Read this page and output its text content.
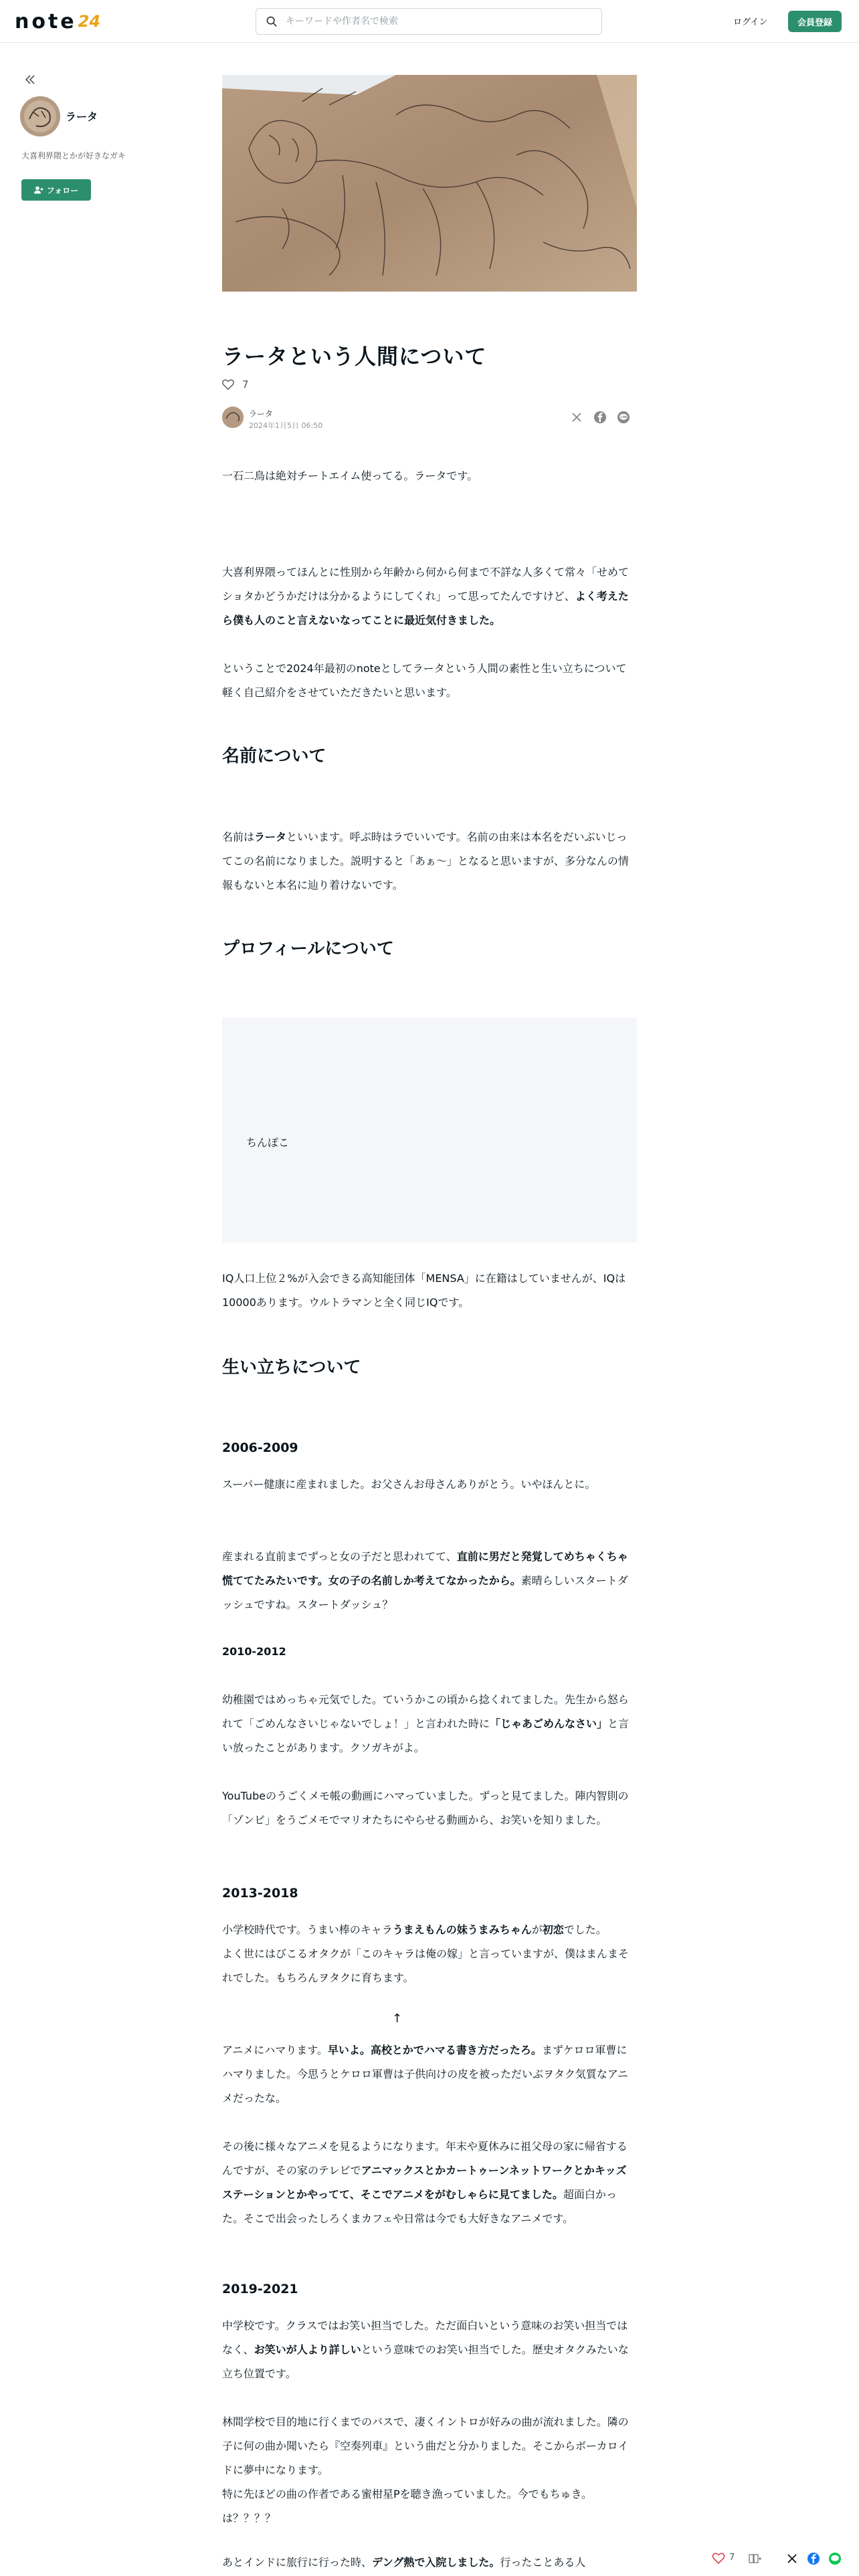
note 24
キーワードや作者名で検索	ログイン	会員登録
ラータ
大喜利界隈とかが好きなガキ
フォロー
ラータという人間について
7
ラータ
2024年1月5日 06:50

一石二鳥は絶対チートエイム使ってる。ラータです。

大喜利界隈ってほんとに性別から年齢から何から何まで不詳な人多くて常々「せめてショタかどうかだけは分かるようにしてくれ」って思ってたんですけど、よく考えたら僕も人のこと言えないなってことに最近気付きました。

ということで2024年最初のnoteとしてラータという人間の素性と生い立ちについて軽く自己紹介をさせていただきたいと思います。

名前について

名前はラータといいます。呼ぶ時はラでいいです。名前の由来は本名をだいぶいじってこの名前になりました。説明すると「あぁ〜」となると思いますが、多分なんの情報もないと本名に辿り着けないです。

プロフィールについて
ちんぽこ

IQ人口上位２%が入会できる高知能団体「MENSA」に在籍はしていませんが、IQは10000あります。ウルトラマンと全く同じIQです。

生い立ちについて
2006-2009

スーパー健康に産まれました。お父さんお母さんありがとう。いやほんとに。

産まれる直前までずっと女の子だと思われてて、直前に男だと発覚してめちゃくちゃ慌ててたみたいです。女の子の名前しか考えてなかったから。素晴らしいスタートダッシュですね。スタートダッシュ？

2010-2012

幼稚園ではめっちゃ元気でした。ていうかこの頃から捻くれてました。先生から怒られて「ごめんなさいじゃないでしょ！」と言われた時に「じゃあごめんなさい」と言い放ったことがあります。クソガキがよ。

YouTubeのうごくメモ帳の動画にハマっていました。ずっと見てました。陣内智則の「ゾンビ」をうごメモでマリオたちにやらせる動画から、お笑いを知りました。

2013-2018

小学校時代です。うまい棒のキャラうまえもんの妹うまみちゃんが初恋でした。
よく世にはびこるオタクが「このキャラは俺の嫁」と言っていますが、僕はまんまそれでした。もちろんヲタクに育ちます。

↑

アニメにハマります。早いよ。高校とかでハマる書き方だったろ。まずケロロ軍曹にハマりました。今思うとケロロ軍曹は子供向けの皮を被っただいぶヲタク気質なアニメだったな。

その後に様々なアニメを見るようになります。年末や夏休みに祖父母の家に帰省するんですが、その家のテレビでアニマックスとかカートゥーンネットワークとかキッズステーションとかやってて、そこでアニメをがむしゃらに見てました。超面白かった。そこで出会ったしろくまカフェや日常は今でも大好きなアニメです。

2019-2021

中学校です。クラスではお笑い担当でした。ただ面白いという意味のお笑い担当ではなく、お笑いが人より詳しいという意味でのお笑い担当でした。歴史オタクみたいな立ち位置です。

林間学校で目的地に行くまでのバスで、凄くイントロが好みの曲が流れました。隣の子に何の曲か聞いたら『空奏列車』という曲だと分かりました。そこからボーカロイドに夢中になります。
特に先ほどの曲の作者である蜜柑星Pを聴き漁っていました。今でもちゅき。は？？？？

あとインドに旅行に行った時、デング熱で入院しました。行ったことある人	7
